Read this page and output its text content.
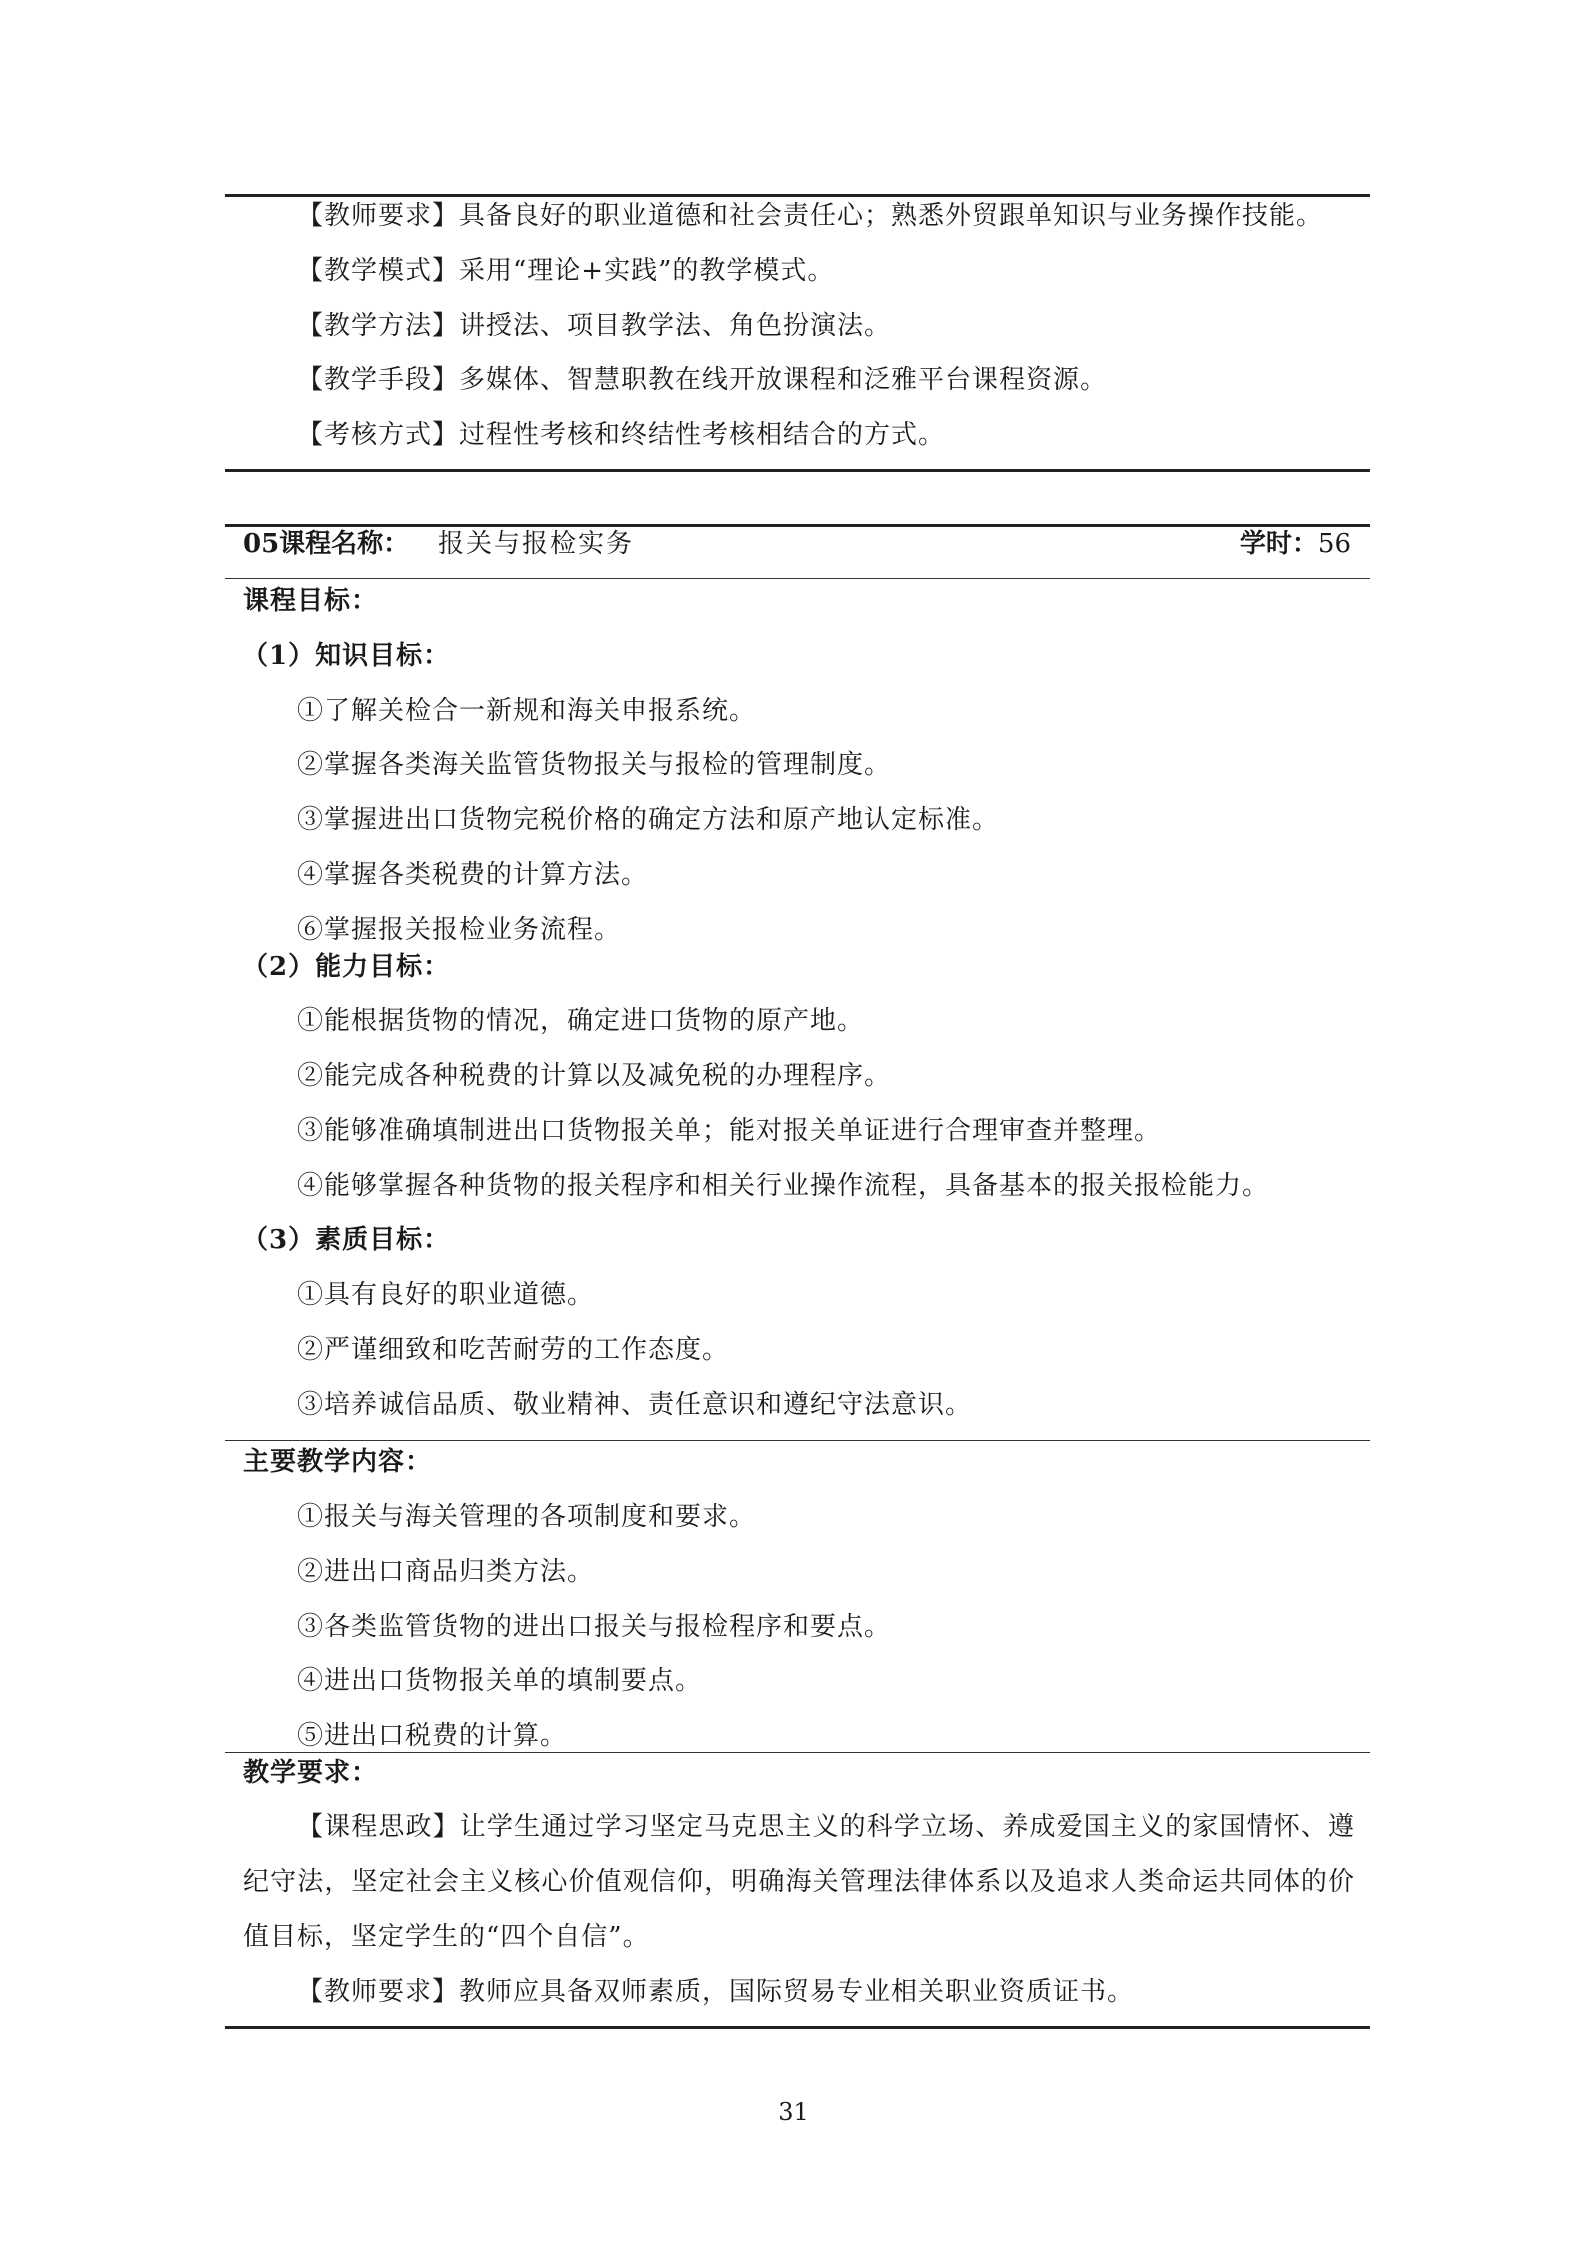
【教师要求】具备良好的职业道德和社会责任心；熟悉外贸跟单知识与业务操作技能。
【教学模式】采用“理论+实践”的教学模式。
【教学方法】讲授法、项目教学法、角色扮演法。
【教学手段】多媒体、智慧职教在线开放课程和泛雅平台课程资源。
【考核方式】过程性考核和终结性考核相结合的方式。
05课程名称： 报关与报检实务	学时：56
课程目标：
（1）知识目标：
①了解关检合一新规和海关申报系统。
②掌握各类海关监管货物报关与报检的管理制度。
③掌握进出口货物完税价格的确定方法和原产地认定标准。
④掌握各类税费的计算方法。
⑥掌握报关报检业务流程。
（2）能力目标：
①能根据货物的情况，确定进口货物的原产地。
②能完成各种税费的计算以及减免税的办理程序。
③能够准确填制进出口货物报关单；能对报关单证进行合理审查并整理。
④能够掌握各种货物的报关程序和相关行业操作流程，具备基本的报关报检能力。
（3）素质目标：
①具有良好的职业道德。
②严谨细致和吃苦耐劳的工作态度。
③培养诚信品质、敬业精神、责任意识和遵纪守法意识。
主要教学内容：
①报关与海关管理的各项制度和要求。
②进出口商品归类方法。
③各类监管货物的进出口报关与报检程序和要点。
④进出口货物报关单的填制要点。
⑤进出口税费的计算。
教学要求：
【课程思政】让学生通过学习坚定马克思主义的科学立场、养成爱国主义的家国情怀、遵纪守法，坚定社会主义核心价值观信仰，明确海关管理法律体系以及追求人类命运共同体的价值目标，坚定学生的“四个自信”。
【教师要求】教师应具备双师素质，国际贸易专业相关职业资质证书。
31
